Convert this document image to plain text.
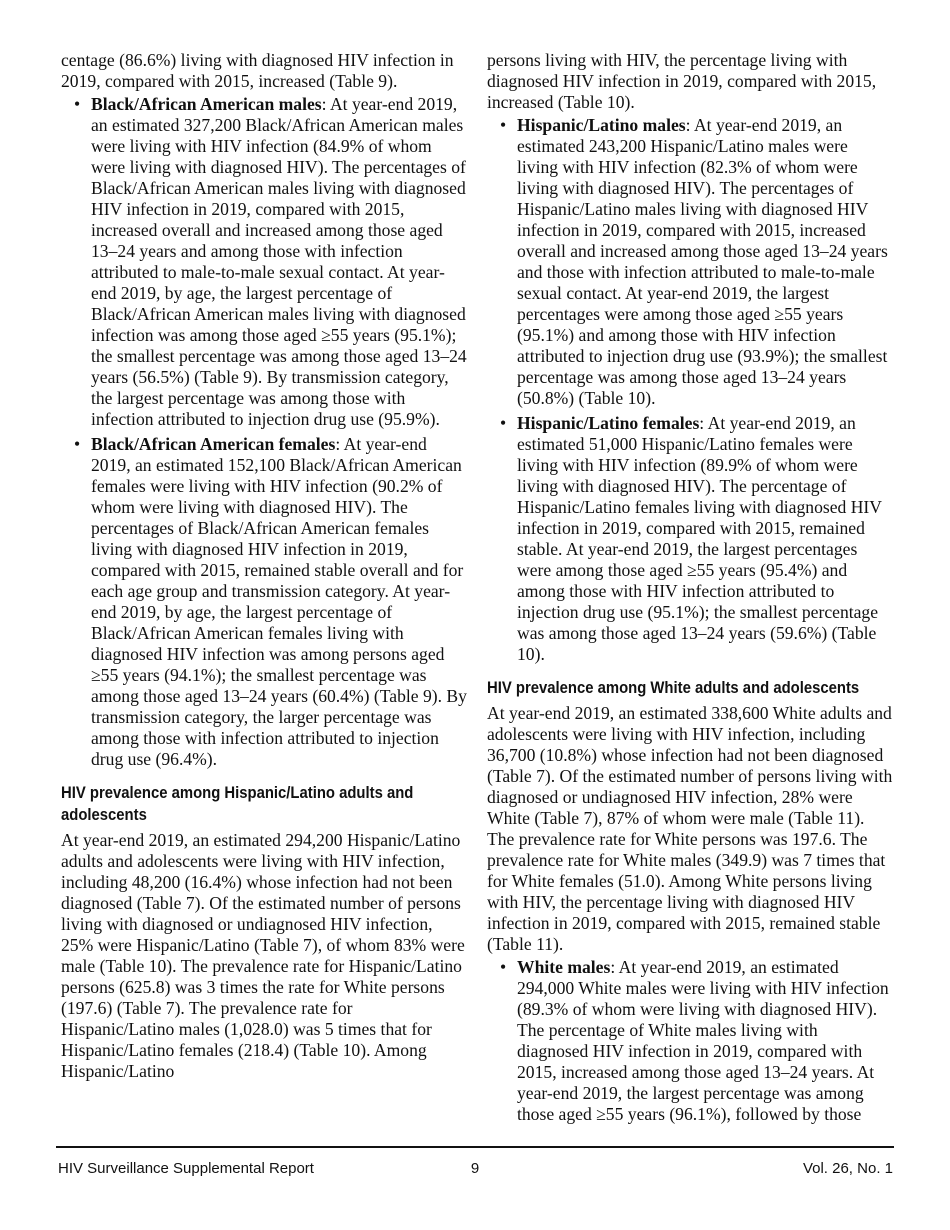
centage (86.6%) living with diagnosed HIV infection in 2019, compared with 2015, increased (Table 9).

• Black/African American males: At year-end 2019, an estimated 327,200 Black/African American males were living with HIV infection (84.9% of whom were living with diagnosed HIV). The percentages of Black/African American males living with diagnosed HIV infection in 2019, compared with 2015, increased overall and increased among those aged 13–24 years and among those with infection attributed to male-to-male sexual contact. At year-end 2019, by age, the largest percentage of Black/African American males living with diagnosed infection was among those aged ≥55 years (95.1%); the smallest percentage was among those aged 13–24 years (56.5%) (Table 9). By transmission category, the largest percentage was among those with infection attributed to injection drug use (95.9%).
• Black/African American females: At year-end 2019, an estimated 152,100 Black/African American females were living with HIV infection (90.2% of whom were living with diagnosed HIV). The percentages of Black/African American females living with diagnosed HIV infection in 2019, compared with 2015, remained stable overall and for each age group and transmission category. At year-end 2019, by age, the largest percentage of Black/African American females living with diagnosed HIV infection was among persons aged ≥55 years (94.1%); the smallest percentage was among those aged 13–24 years (60.4%) (Table 9). By transmission category, the larger percentage was among those with infection attributed to injection drug use (96.4%).
HIV prevalence among Hispanic/Latino adults and adolescents

At year-end 2019, an estimated 294,200 Hispanic/Latino adults and adolescents were living with HIV infection, including 48,200 (16.4%) whose infection had not been diagnosed (Table 7). Of the estimated number of persons living with diagnosed or undiagnosed HIV infection, 25% were Hispanic/Latino (Table 7), of whom 83% were male (Table 10). The prevalence rate for Hispanic/Latino persons (625.8) was 3 times the rate for White persons (197.6) (Table 7). The prevalence rate for Hispanic/Latino males (1,028.0) was 5 times that for Hispanic/Latino females (218.4) (Table 10). Among Hispanic/Latino

persons living with HIV, the percentage living with diagnosed HIV infection in 2019, compared with 2015, increased (Table 10).

• Hispanic/Latino males: At year-end 2019, an estimated 243,200 Hispanic/Latino males were living with HIV infection (82.3% of whom were living with diagnosed HIV). The percentages of Hispanic/Latino males living with diagnosed HIV infection in 2019, compared with 2015, increased overall and increased among those aged 13–24 years and those with infection attributed to male-to-male sexual contact. At year-end 2019, the largest percentages were among those aged ≥55 years (95.1%) and among those with HIV infection attributed to injection drug use (93.9%); the smallest percentage was among those aged 13–24 years (50.8%) (Table 10).
• Hispanic/Latino females: At year-end 2019, an estimated 51,000 Hispanic/Latino females were living with HIV infection (89.9% of whom were living with diagnosed HIV). The percentage of Hispanic/Latino females living with diagnosed HIV infection in 2019, compared with 2015, remained stable. At year-end 2019, the largest percentages were among those aged ≥55 years (95.4%) and among those with HIV infection attributed to injection drug use (95.1%); the smallest percentage was among those aged 13–24 years (59.6%) (Table 10).
HIV prevalence among White adults and adolescents

At year-end 2019, an estimated 338,600 White adults and adolescents were living with HIV infection, including 36,700 (10.8%) whose infection had not been diagnosed (Table 7). Of the estimated number of persons living with diagnosed or undiagnosed HIV infection, 28% were White (Table 7), 87% of whom were male (Table 11). The prevalence rate for White persons was 197.6. The prevalence rate for White males (349.9) was 7 times that for White females (51.0). Among White persons living with HIV, the percentage living with diagnosed HIV infection in 2019, compared with 2015, remained stable (Table 11).

• White males: At year-end 2019, an estimated 294,000 White males were living with HIV infection (89.3% of whom were living with diagnosed HIV). The percentage of White males living with diagnosed HIV infection in 2019, compared with 2015, increased among those aged 13–24 years. At year-end 2019, the largest percentage was among those aged ≥55 years (96.1%), followed by those
HIV Surveillance Supplemental Report	9	Vol. 26, No. 1
